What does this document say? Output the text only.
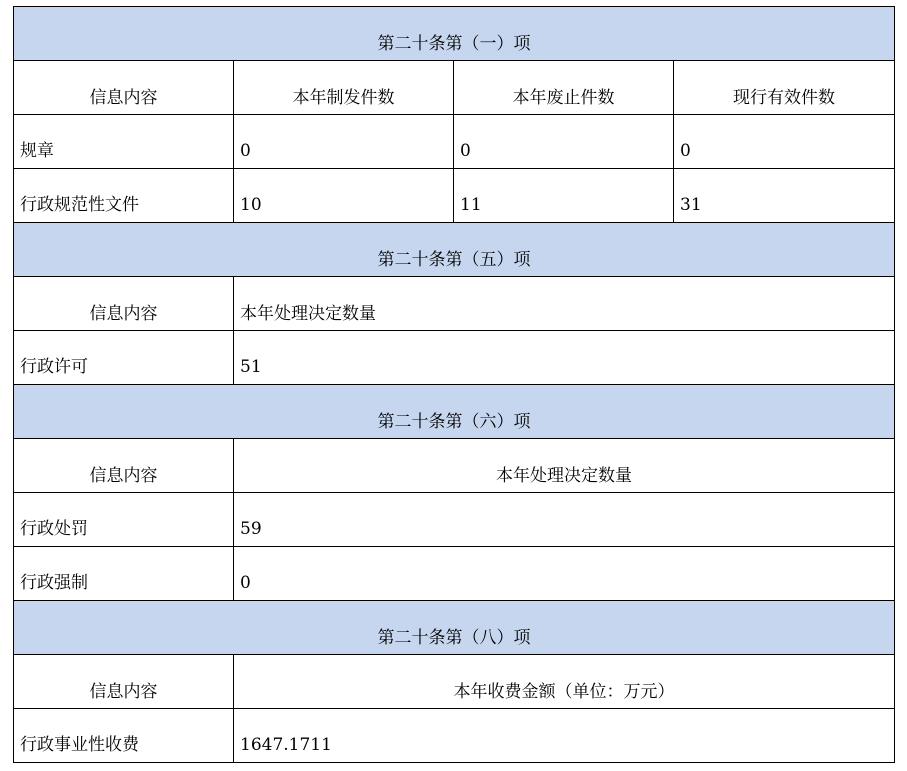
第二十条第（一）项			
信息内容	本年制发件数	本年废止件数	现行有效件数
规章	0	0	0
行政规范性文件	10	11	31
第二十条第（五）项			
信息内容	本年处理决定数量		
行政许可	51		
第二十条第（六）项			
信息内容	本年处理决定数量		
行政处罚	59		
行政强制	0		
第二十条第（八）项			
信息内容	本年收费金额（单位：万元）		
行政事业性收费	1647.1711		
